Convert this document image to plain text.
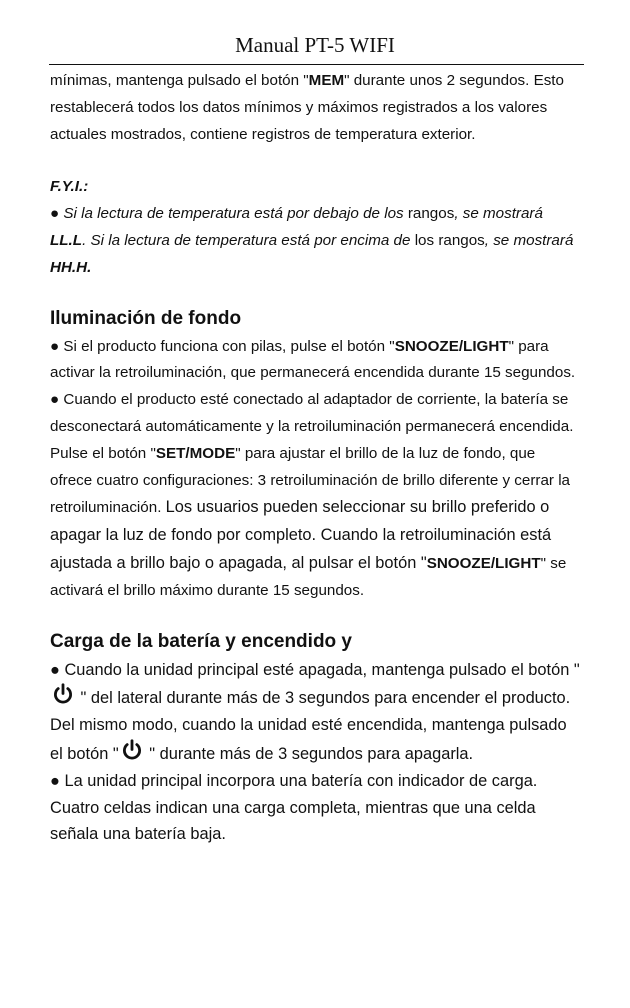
Manual PT-5 WIFI

mínimas, mantenga pulsado el botón "MEM" durante unos 2 segundos. Esto restablecerá todos los datos mínimos y máximos registrados a los valores actuales mostrados, contiene registros de temperatura exterior.

F.Y.I.:

● Si la lectura de temperatura está por debajo de los rangos, se mostrará LL.L. Si la lectura de temperatura está por encima de los rangos, se mostrará HH.H.

Iluminación de fondo

● Si el producto funciona con pilas, pulse el botón "SNOOZE/LIGHT" para activar la retroiluminación, que permanecerá encendida durante 15 segundos.

● Cuando el producto esté conectado al adaptador de corriente, la batería se desconectará automáticamente y la retroiluminación permanecerá encendida. Pulse el botón "SET/MODE" para ajustar el brillo de la luz de fondo, que ofrece cuatro configuraciones: 3 retroiluminación de brillo diferente y cerrar la retroiluminación. Los usuarios pueden seleccionar su brillo preferido o apagar la luz de fondo por completo. Cuando la retroiluminación está ajustada a brillo bajo o apagada, al pulsar el botón "SNOOZE/LIGHT" se activará el brillo máximo durante 15 segundos.

Carga de la batería y encendido y

● Cuando la unidad principal esté apagada, mantenga pulsado el botón "
" del lateral durante más de 3 segundos para encender el producto. Del mismo modo, cuando la unidad esté encendida, mantenga pulsado el botón "
" durante más de 3 segundos para apagarla.

● La unidad principal incorpora una batería con indicador de carga. Cuatro celdas indican una carga completa, mientras que una celda señala una batería baja.
